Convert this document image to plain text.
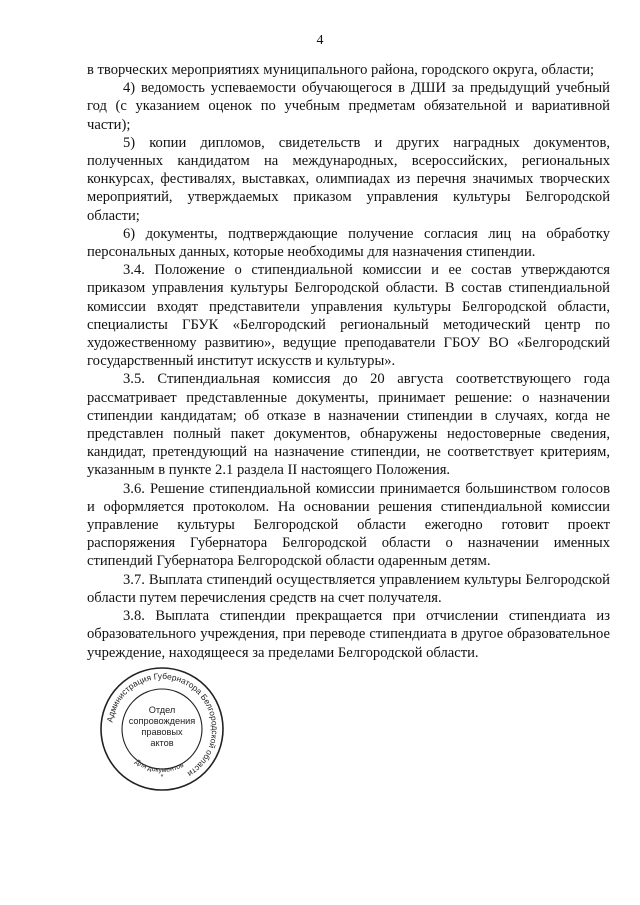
4

в творческих мероприятиях муниципального района, городского округа, области;

4) ведомость успеваемости обучающегося в ДШИ за предыдущий учебный год (с указанием оценок по учебным предметам обязательной и вариативной части);

5) копии дипломов, свидетельств и других наградных документов, полученных кандидатом на международных, всероссийских, региональных конкурсах, фестивалях, выставках, олимпиадах из перечня значимых творческих мероприятий, утверждаемых приказом управления культуры Белгородской области;

6) документы, подтверждающие получение согласия лиц на обработку персональных данных, которые необходимы для назначения стипендии.

3.4. Положение о стипендиальной комиссии и ее состав утверждаются приказом управления культуры Белгородской области. В состав стипендиальной комиссии входят представители управления культуры Белгородской области, специалисты ГБУК «Белгородский региональный методический центр по художественному развитию», ведущие преподаватели ГБОУ ВО «Белгородский государственный институт искусств и культуры».

3.5. Стипендиальная комиссия до 20 августа соответствующего года рассматривает представленные документы, принимает решение: о назначении стипендии кандидатам; об отказе в назначении стипендии в случаях, когда не представлен полный пакет документов, обнаружены недостоверные сведения, кандидат, претендующий на назначение стипендии, не соответствует критериям, указанным в пункте 2.1 раздела II настоящего Положения.

3.6. Решение стипендиальной комиссии принимается большинством голосов и оформляется протоколом. На основании решения стипендиальной комиссии управление культуры Белгородской области ежегодно готовит проект распоряжения Губернатора Белгородской области о назначении именных стипендий Губернатора Белгородской области одаренным детям.

3.7. Выплата стипендий осуществляется управлением культуры Белгородской области путем перечисления средств на счет получателя.

3.8. Выплата стипендии прекращается при отчислении стипендиата из образовательного учреждения, при переводе стипендиата в другое образовательное учреждение, находящееся за пределами Белгородской области.

Администрация Губернатора Белгородской области
Для документов
Отдел
сопровождения
правовых
актов
*
